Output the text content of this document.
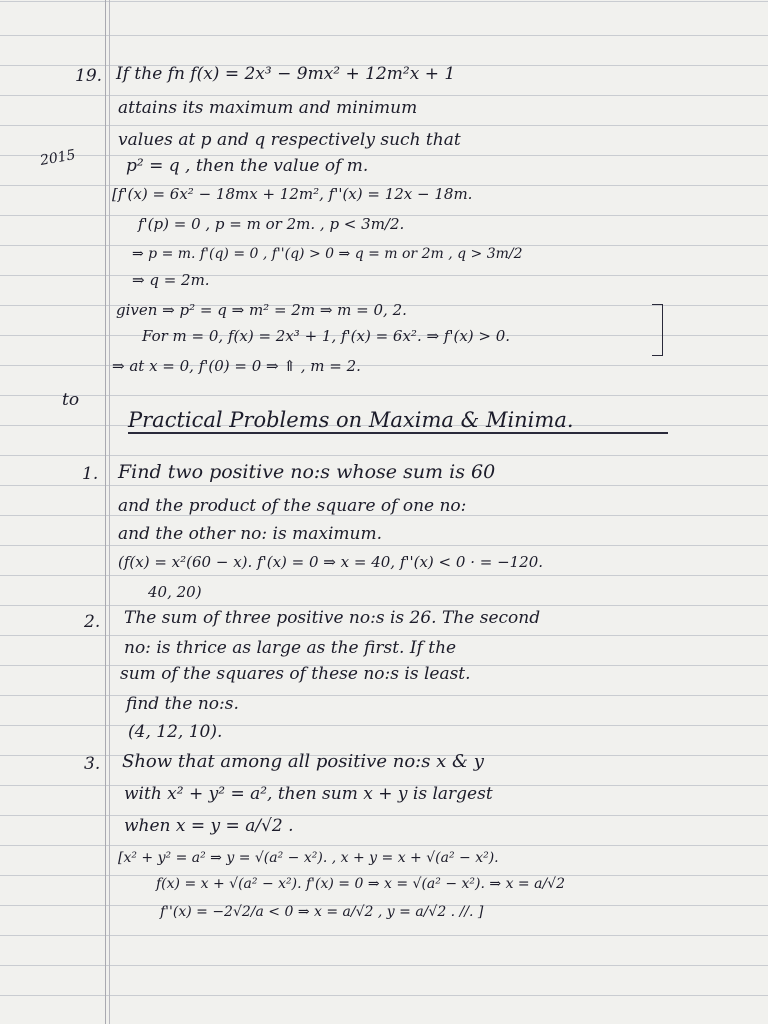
19.
2015
to
If the fn f(x) = 2x³ − 9mx² + 12m²x + 1
attains its maximum and minimum
values at p and q respectively such that
p² = q , then the value of m.
[f'(x) = 6x² − 18mx + 12m², f''(x) = 12x − 18m.
f'(p) = 0 , p = m or 2m. , p < 3m/2.
⇒ p = m. f'(q) = 0 , f''(q) > 0 ⇒ q = m or 2m , q > 3m/2
⇒ q = 2m.
given ⇒ p² = q ⇒ m² = 2m ⇒ m = 0, 2.
For m = 0, f(x) = 2x³ + 1, f'(x) = 6x². ⇒ f'(x) > 0.
⇒ at x = 0, f'(0) = 0 ⇒ ⇑ , m = 2.
Practical Problems on Maxima & Minima.
1. Find two positive no:s whose sum is 60
and the product of the square of one no:
and the other no: is maximum.
(f(x) = x²(60 − x). f'(x) = 0 ⇒ x = 40, f''(x) < 0 · = −120.
40, 20)
2. The sum of three positive no:s is 26. The second
no: is thrice as large as the first. If the
sum of the squares of these no:s is least.
find the no:s.
(4, 12, 10).
3. Show that among all positive no:s x & y
with x² + y² = a², then sum x + y is largest
when x = y = a/√2 .
[x² + y² = a² ⇒ y = √(a² − x²). , x + y = x + √(a² − x²).
f(x) = x + √(a² − x²). f'(x) = 0 ⇒ x = √(a² − x²). ⇒ x = a/√2
f''(x) = −2√2/a < 0 ⇒ x = a/√2 , y = a/√2 . //. ]
